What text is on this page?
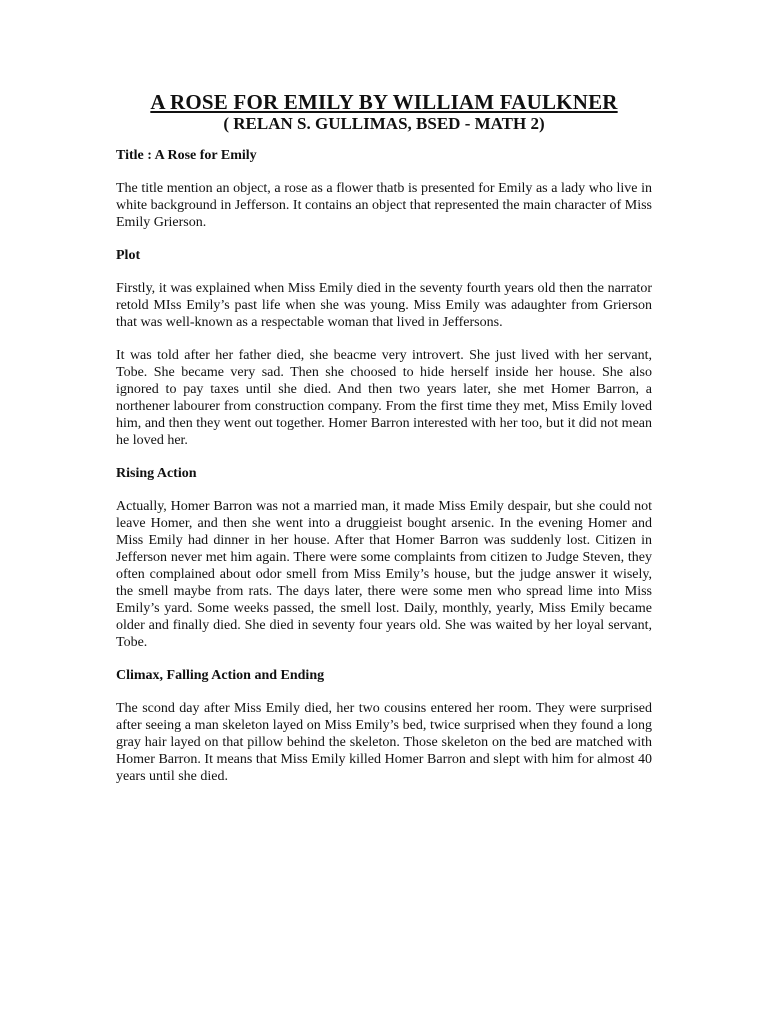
A ROSE FOR EMILY BY WILLIAM FAULKNER
( RELAN S. GULLIMAS, BSED - MATH 2)
Title : A Rose for Emily

The title mention an object, a rose as a flower thatb is presented for Emily as a lady who live in white background in Jefferson. It contains an object that represented the main character of Miss Emily Grierson.

Plot

Firstly, it was explained when Miss Emily died in the seventy fourth years old then the narrator retold MIss Emily’s past life when she was young. Miss Emily was adaughter from Grierson that was well-known as a respectable woman that lived in Jeffersons.

It was told after her father died, she beacme very introvert. She just lived with her servant, Tobe. She became very sad. Then she choosed to hide herself inside her house. She also ignored to pay taxes until she died. And then two years later, she met Homer Barron, a northener labourer from construction company. From the first time they met, Miss Emily loved him, and then they went out together. Homer Barron interested with her too, but it did not mean he loved her.

Rising Action

Actually, Homer Barron was not a married man, it made Miss Emily despair, but she could not leave Homer, and then she went into a druggieist bought arsenic. In the evening Homer and Miss Emily had dinner in her house. After that Homer Barron was suddenly lost. Citizen in Jefferson never met him again. There were some complaints from citizen to Judge Steven, they often complained about odor smell from Miss Emily’s house, but the judge answer it wisely, the smell maybe from rats. The days later, there were some men who spread lime into Miss Emily’s yard. Some weeks passed, the smell lost. Daily, monthly, yearly, Miss Emily became older and finally died. She died in seventy four years old. She was waited by her loyal servant, Tobe.

Climax, Falling Action and Ending

The scond day after Miss Emily died, her two cousins entered her room. They were surprised after seeing a man skeleton layed on Miss Emily’s bed, twice surprised when they found a long gray hair layed on that pillow behind the skeleton. Those skeleton on the bed are matched with Homer Barron. It means that Miss Emily killed Homer Barron and slept with him for almost 40 years until she died.
